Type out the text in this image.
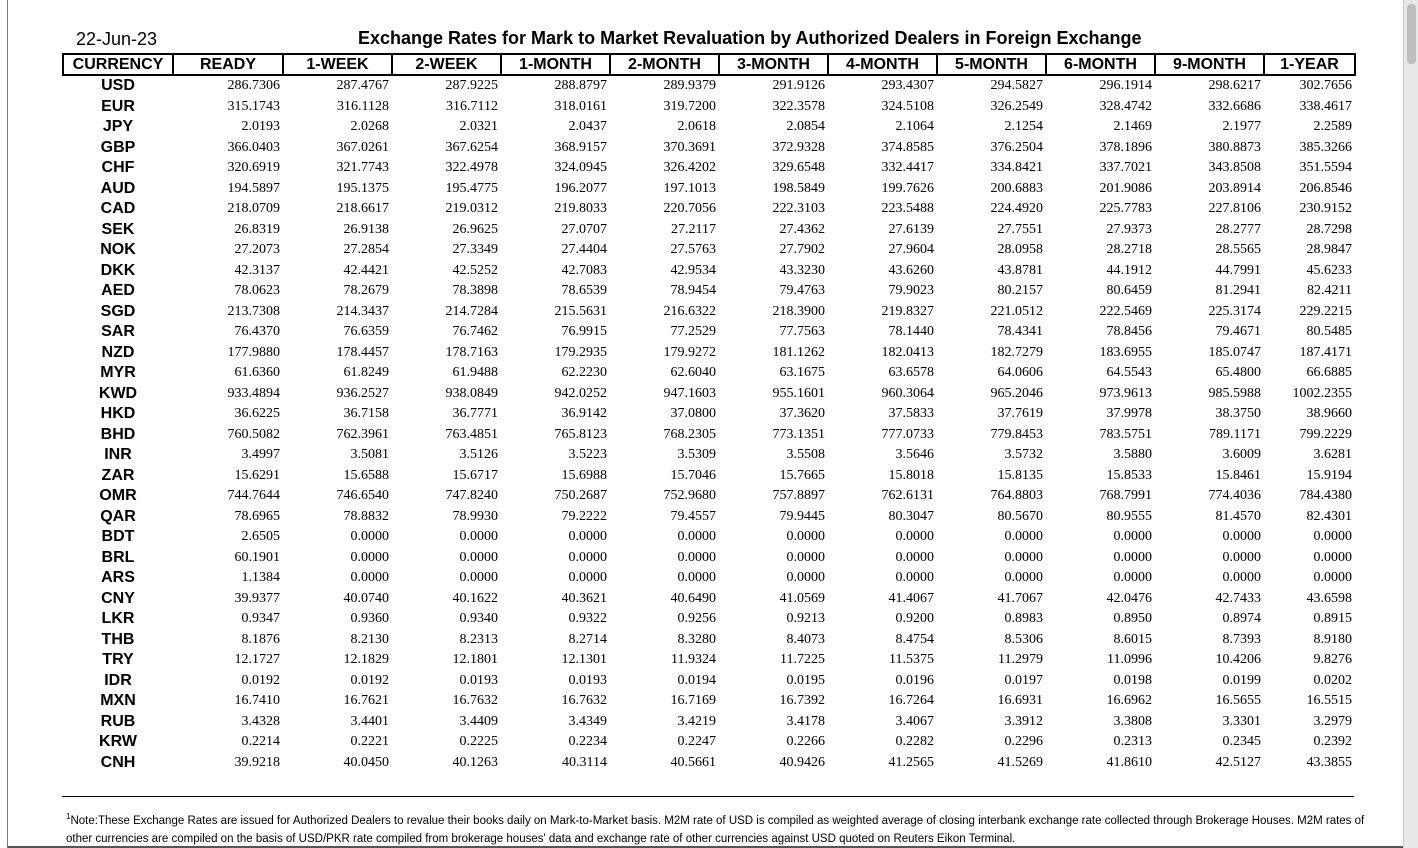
22-Jun-23	Exchange Rates for Mark to Market Revaluation by Authorized Dealers in Foreign Exchange
CURRENCY	READY	1-WEEK	2-WEEK	1-MONTH	2-MONTH	3-MONTH	4-MONTH	5-MONTH	6-MONTH	9-MONTH	1-YEAR
USD	286.7306	287.4767	287.9225	288.8797	289.9379	291.9126	293.4307	294.5827	296.1914	298.6217	302.7656
EUR	315.1743	316.1128	316.7112	318.0161	319.7200	322.3578	324.5108	326.2549	328.4742	332.6686	338.4617
JPY	2.0193	2.0268	2.0321	2.0437	2.0618	2.0854	2.1064	2.1254	2.1469	2.1977	2.2589
GBP	366.0403	367.0261	367.6254	368.9157	370.3691	372.9328	374.8585	376.2504	378.1896	380.8873	385.3266
CHF	320.6919	321.7743	322.4978	324.0945	326.4202	329.6548	332.4417	334.8421	337.7021	343.8508	351.5594
AUD	194.5897	195.1375	195.4775	196.2077	197.1013	198.5849	199.7626	200.6883	201.9086	203.8914	206.8546
CAD	218.0709	218.6617	219.0312	219.8033	220.7056	222.3103	223.5488	224.4920	225.7783	227.8106	230.9152
SEK	26.8319	26.9138	26.9625	27.0707	27.2117	27.4362	27.6139	27.7551	27.9373	28.2777	28.7298
NOK	27.2073	27.2854	27.3349	27.4404	27.5763	27.7902	27.9604	28.0958	28.2718	28.5565	28.9847
DKK	42.3137	42.4421	42.5252	42.7083	42.9534	43.3230	43.6260	43.8781	44.1912	44.7991	45.6233
AED	78.0623	78.2679	78.3898	78.6539	78.9454	79.4763	79.9023	80.2157	80.6459	81.2941	82.4211
SGD	213.7308	214.3437	214.7284	215.5631	216.6322	218.3900	219.8327	221.0512	222.5469	225.3174	229.2215
SAR	76.4370	76.6359	76.7462	76.9915	77.2529	77.7563	78.1440	78.4341	78.8456	79.4671	80.5485
NZD	177.9880	178.4457	178.7163	179.2935	179.9272	181.1262	182.0413	182.7279	183.6955	185.0747	187.4171
MYR	61.6360	61.8249	61.9488	62.2230	62.6040	63.1675	63.6578	64.0606	64.5543	65.4800	66.6885
KWD	933.4894	936.2527	938.0849	942.0252	947.1603	955.1601	960.3064	965.2046	973.9613	985.5988	1002.2355
HKD	36.6225	36.7158	36.7771	36.9142	37.0800	37.3620	37.5833	37.7619	37.9978	38.3750	38.9660
BHD	760.5082	762.3961	763.4851	765.8123	768.2305	773.1351	777.0733	779.8453	783.5751	789.1171	799.2229
INR	3.4997	3.5081	3.5126	3.5223	3.5309	3.5508	3.5646	3.5732	3.5880	3.6009	3.6281
ZAR	15.6291	15.6588	15.6717	15.6988	15.7046	15.7665	15.8018	15.8135	15.8533	15.8461	15.9194
OMR	744.7644	746.6540	747.8240	750.2687	752.9680	757.8897	762.6131	764.8803	768.7991	774.4036	784.4380
QAR	78.6965	78.8832	78.9930	79.2222	79.4557	79.9445	80.3047	80.5670	80.9555	81.4570	82.4301
BDT	2.6505	0.0000	0.0000	0.0000	0.0000	0.0000	0.0000	0.0000	0.0000	0.0000	0.0000
BRL	60.1901	0.0000	0.0000	0.0000	0.0000	0.0000	0.0000	0.0000	0.0000	0.0000	0.0000
ARS	1.1384	0.0000	0.0000	0.0000	0.0000	0.0000	0.0000	0.0000	0.0000	0.0000	0.0000
CNY	39.9377	40.0740	40.1622	40.3621	40.6490	41.0569	41.4067	41.7067	42.0476	42.7433	43.6598
LKR	0.9347	0.9360	0.9340	0.9322	0.9256	0.9213	0.9200	0.8983	0.8950	0.8974	0.8915
THB	8.1876	8.2130	8.2313	8.2714	8.3280	8.4073	8.4754	8.5306	8.6015	8.7393	8.9180
TRY	12.1727	12.1829	12.1801	12.1301	11.9324	11.7225	11.5375	11.2979	11.0996	10.4206	9.8276
IDR	0.0192	0.0192	0.0193	0.0193	0.0194	0.0195	0.0196	0.0197	0.0198	0.0199	0.0202
MXN	16.7410	16.7621	16.7632	16.7632	16.7169	16.7392	16.7264	16.6931	16.6962	16.5655	16.5515
RUB	3.4328	3.4401	3.4409	3.4349	3.4219	3.4178	3.4067	3.3912	3.3808	3.3301	3.2979
KRW	0.2214	0.2221	0.2225	0.2234	0.2247	0.2266	0.2282	0.2296	0.2313	0.2345	0.2392
CNH	39.9218	40.0450	40.1263	40.3114	40.5661	40.9426	41.2565	41.5269	41.8610	42.5127	43.3855
$^1$Note:These Exchange Rates are issued for Authorized Dealers to revalue their books daily on Mark-to-Market basis. M2M rate of USD is compiled as weighted average of closing interbank exchange rate collected through Brokerage Houses. M2M rates of other currencies are compiled on the basis of USD/PKR rate compiled from brokerage houses' data and exchange rate of other currencies against USD quoted on Reuters Eikon Terminal.
